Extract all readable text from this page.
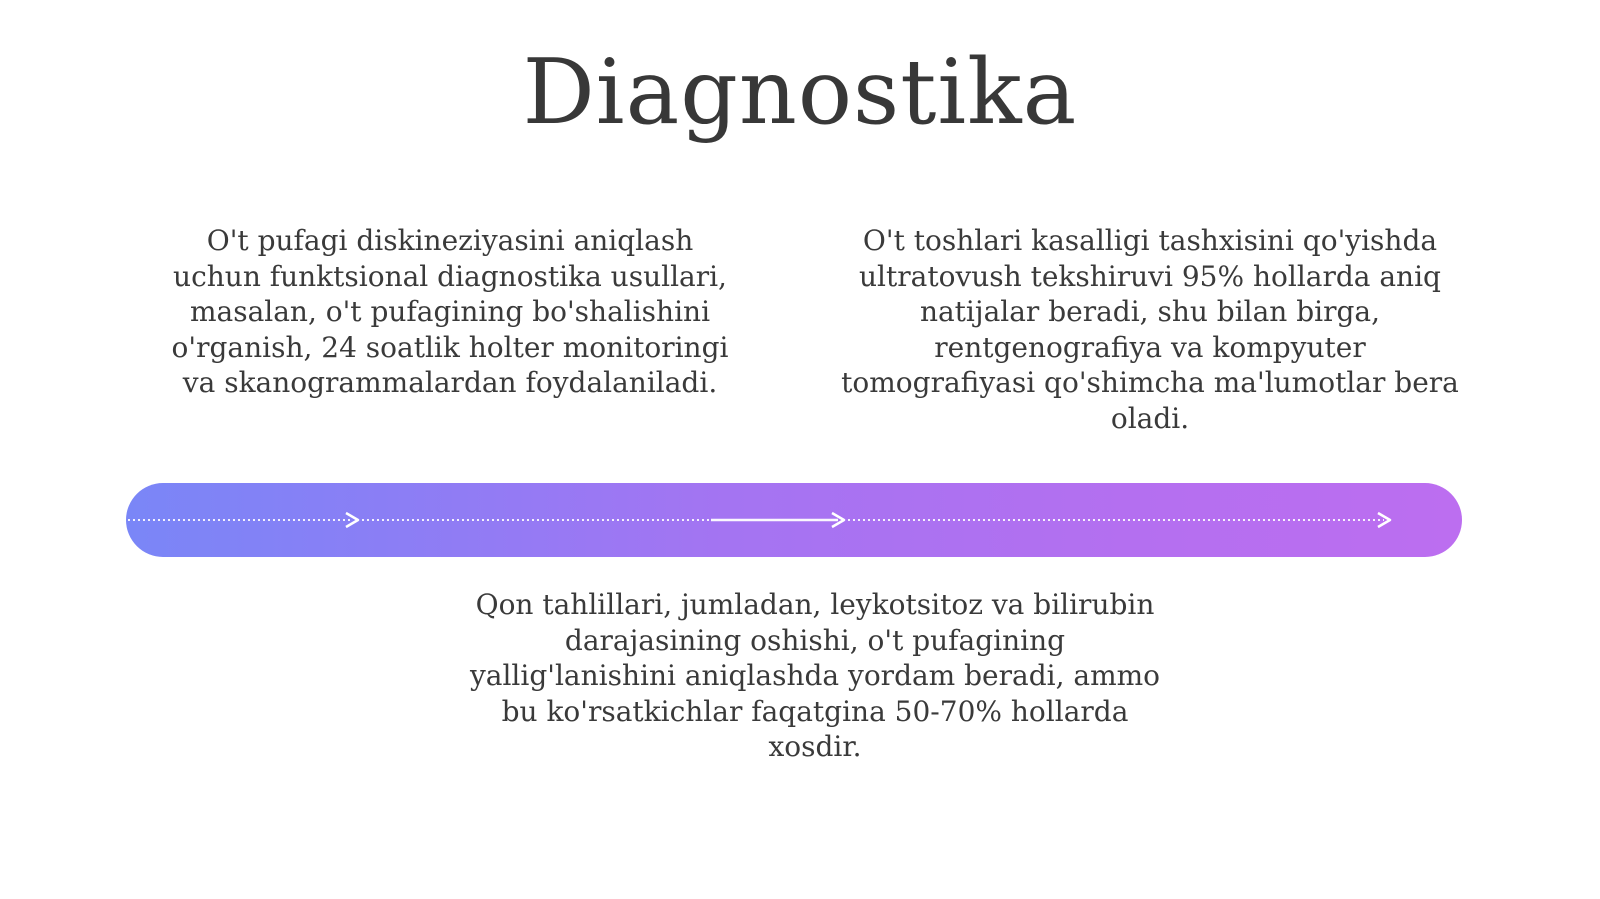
Diagnostika
O't pufagi diskineziyasini aniqlash
uchun funktsional diagnostika usullari,
masalan, o't pufagining bo'shalishini
o'rganish, 24 soatlik holter monitoringi
va skanogrammalardan foydalaniladi.
O't toshlari kasalligi tashxisini qo'yishda
ultratovush tekshiruvi 95% hollarda aniq
natijalar beradi, shu bilan birga,
rentgenografiya va kompyuter
tomografiyasi qo'shimcha ma'lumotlar bera
oladi.
Qon tahlillari, jumladan, leykotsitoz va bilirubin
darajasining oshishi, o't pufagining
yallig'lanishini aniqlashda yordam beradi, ammo
bu ko'rsatkichlar faqatgina 50-70% hollarda
xosdir.
